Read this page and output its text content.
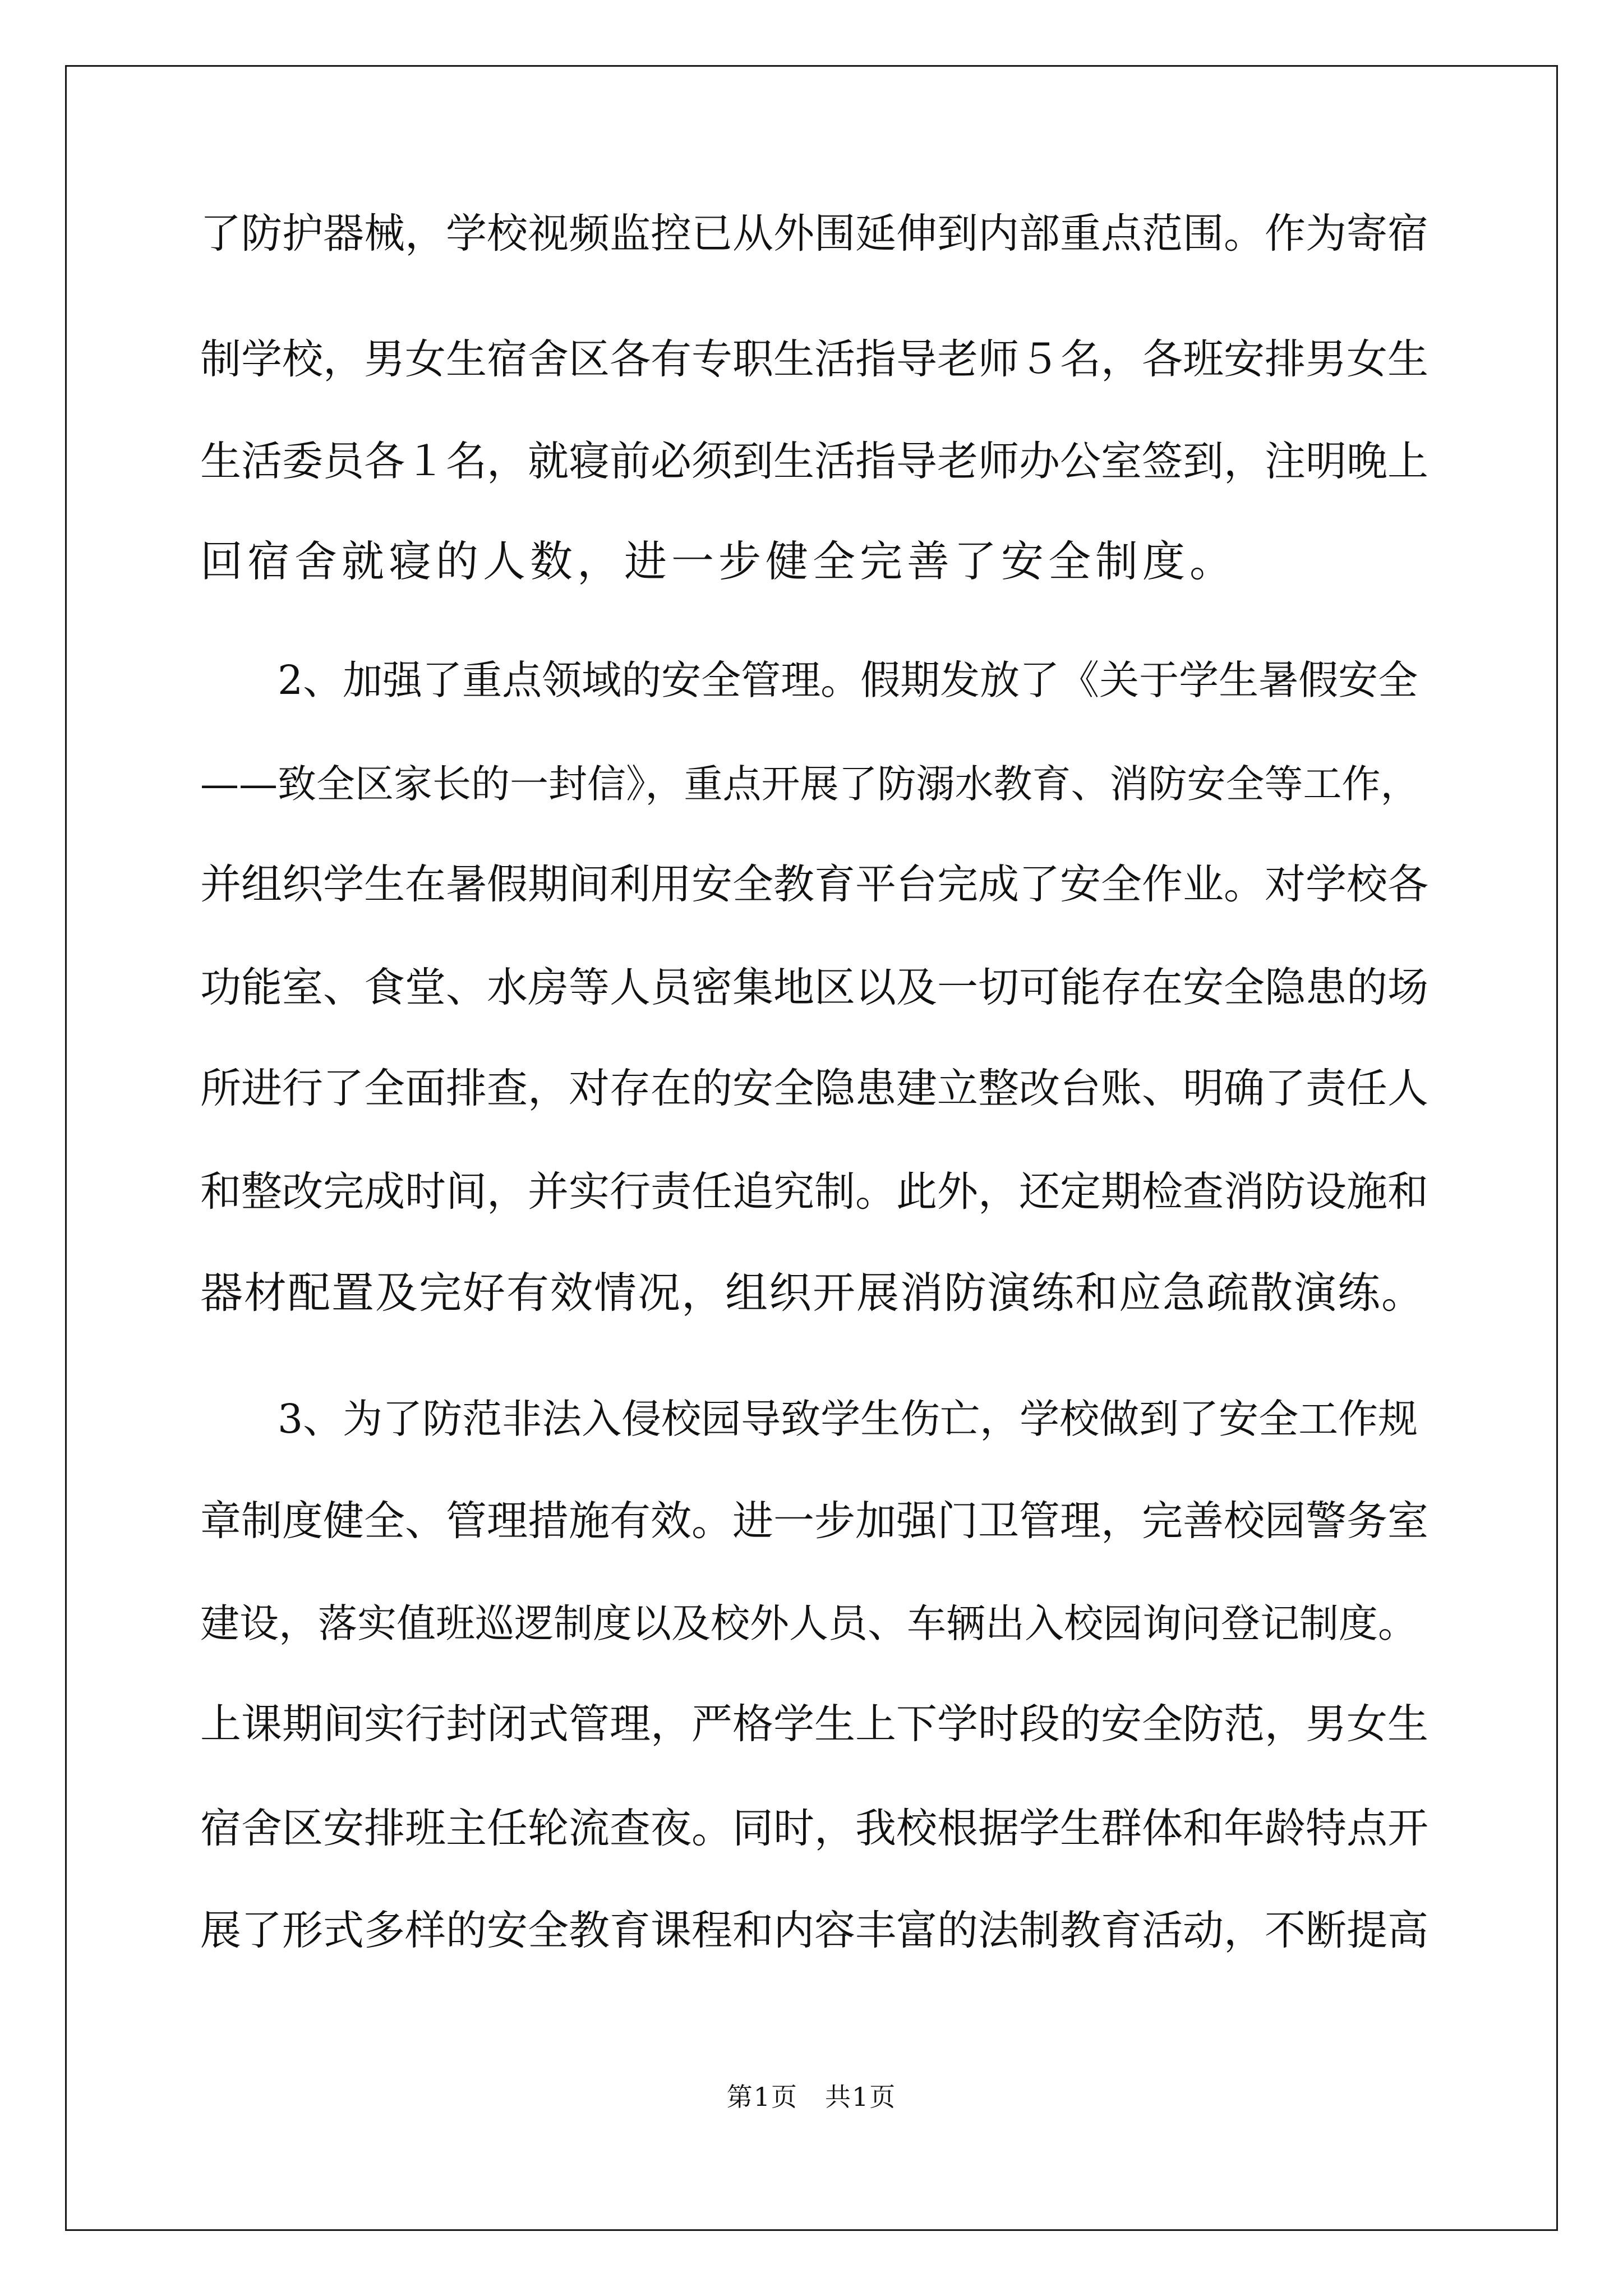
了防护器械，学校视频监控已从外围延伸到内部重点范围。作为寄宿
制学校，男女生宿舍区各有专职生活指导老师５名，各班安排男女生
生活委员各１名，就寝前必须到生活指导老师办公室签到，注明晚上
回宿舍就寝的人数，进一步健全完善了安全制度。
2、加强了重点领域的安全管理。假期发放了《关于学生暑假安全
——致全区家长的一封信》，重点开展了防溺水教育、消防安全等工作，
并组织学生在暑假期间利用安全教育平台完成了安全作业。对学校各
功能室、食堂、水房等人员密集地区以及一切可能存在安全隐患的场
所进行了全面排查，对存在的安全隐患建立整改台账、明确了责任人
和整改完成时间，并实行责任追究制。此外，还定期检查消防设施和
器材配置及完好有效情况，组织开展消防演练和应急疏散演练。
3、为了防范非法入侵校园导致学生伤亡，学校做到了安全工作规
章制度健全、管理措施有效。进一步加强门卫管理，完善校园警务室
建设，落实值班巡逻制度以及校外人员、车辆出入校园询问登记制度。
上课期间实行封闭式管理，严格学生上下学时段的安全防范，男女生
宿舍区安排班主任轮流查夜。同时，我校根据学生群体和年龄特点开
展了形式多样的安全教育课程和内容丰富的法制教育活动，不断提高
第1页　共1页
